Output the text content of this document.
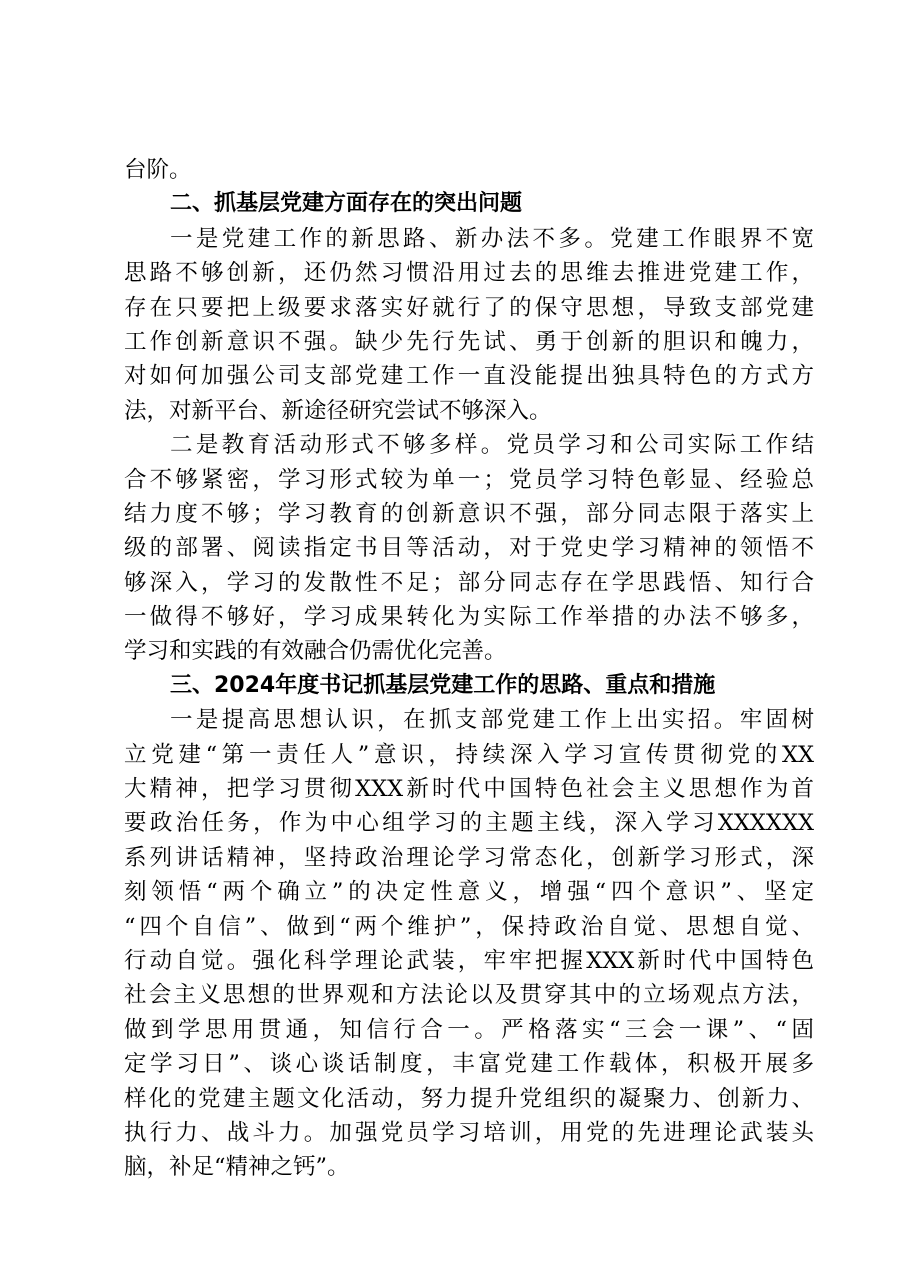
台阶。
二、抓基层党建方面存在的突出问题
一是党建工作的新思路、新办法不多。党建工作眼界不宽
思路不够创新，还仍然习惯沿用过去的思维去推进党建工作，
存在只要把上级要求落实好就行了的保守思想，导致支部党建
工作创新意识不强。缺少先行先试、勇于创新的胆识和魄力，
对如何加强公司支部党建工作一直没能提出独具特色的方式方
法，对新平台、新途径研究尝试不够深入。
二是教育活动形式不够多样。党员学习和公司实际工作结
合不够紧密，学习形式较为单一；党员学习特色彰显、经验总
结力度不够；学习教育的创新意识不强，部分同志限于落实上
级的部署、阅读指定书目等活动，对于党史学习精神的领悟不
够深入，学习的发散性不足；部分同志存在学思践悟、知行合
一做得不够好，学习成果转化为实际工作举措的办法不够多，
学习和实践的有效融合仍需优化完善。
三、2024年度书记抓基层党建工作的思路、重点和措施
一是提高思想认识，在抓支部党建工作上出实招。牢固树
立党建“第一责任人”意识，持续深入学习宣传贯彻党的XX
大精神，把学习贯彻XXX新时代中国特色社会主义思想作为首
要政治任务，作为中心组学习的主题主线，深入学习XXXXXX
系列讲话精神，坚持政治理论学习常态化，创新学习形式，深
刻领悟“两个确立”的决定性意义，增强“四个意识”、坚定
“四个自信”、做到“两个维护”，保持政治自觉、思想自觉、
行动自觉。强化科学理论武装，牢牢把握XXX新时代中国特色
社会主义思想的世界观和方法论以及贯穿其中的立场观点方法，
做到学思用贯通，知信行合一。严格落实“三会一课”、“固
定学习日”、谈心谈话制度，丰富党建工作载体，积极开展多
样化的党建主题文化活动，努力提升党组织的凝聚力、创新力、
执行力、战斗力。加强党员学习培训，用党的先进理论武装头
脑，补足“精神之钙”。
